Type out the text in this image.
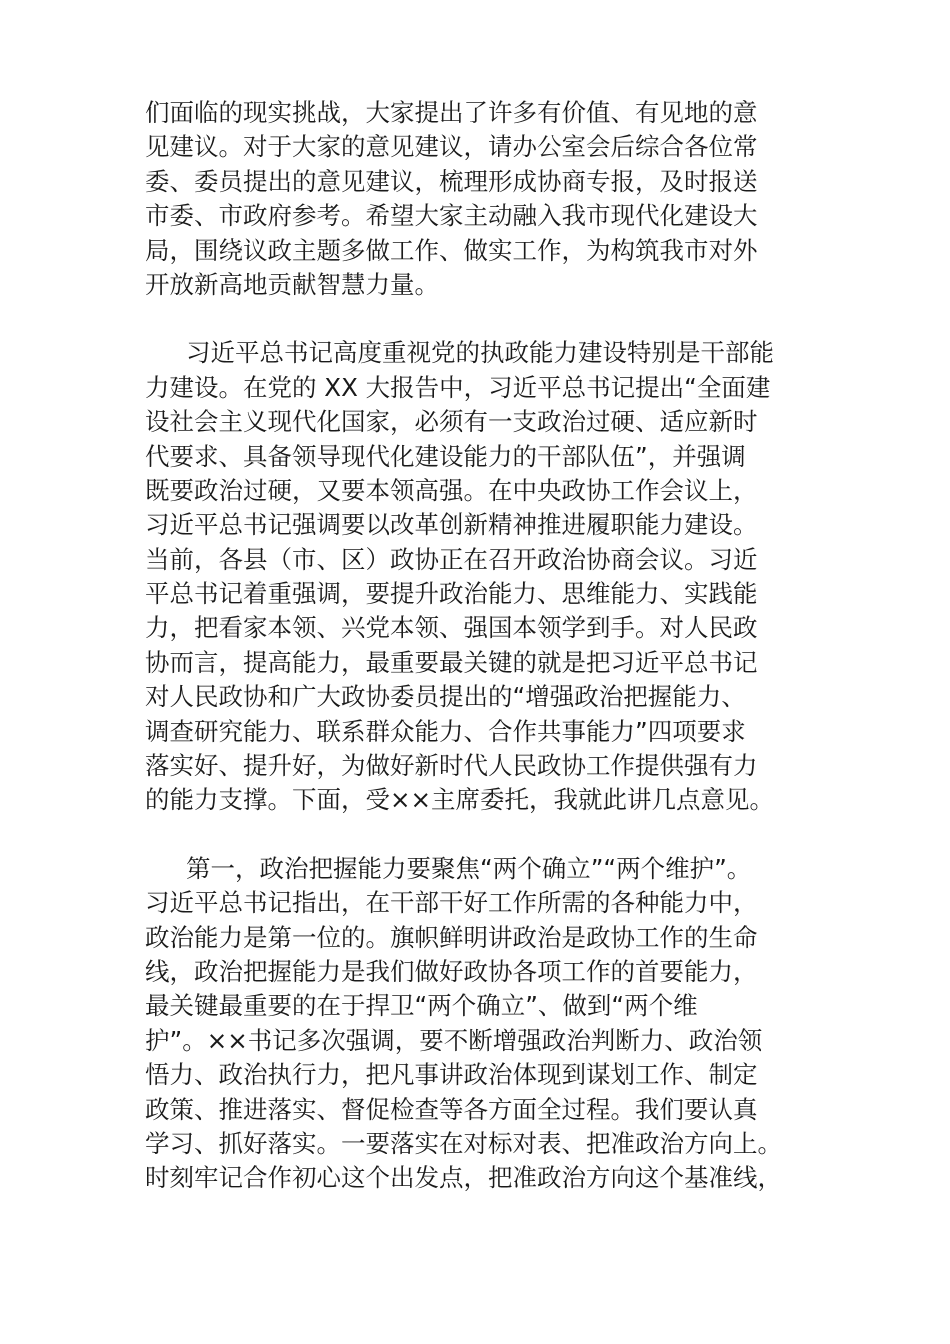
们面临的现实挑战，大家提出了许多有价值、有见地的意
见建议。对于大家的意见建议，请办公室会后综合各位常
委、委员提出的意见建议，梳理形成协商专报，及时报送
市委、市政府参考。希望大家主动融入我市现代化建设大
局，围绕议政主题多做工作、做实工作，为构筑我市对外
开放新高地贡献智慧力量。
习近平总书记高度重视党的执政能力建设特别是干部能
力建设。在党的 XX 大报告中，习近平总书记提出“全面建
设社会主义现代化国家，必须有一支政治过硬、适应新时
代要求、具备领导现代化建设能力的干部队伍”，并强调
既要政治过硬，又要本领高强。在中央政协工作会议上，
习近平总书记强调要以改革创新精神推进履职能力建设。
当前，各县（市、区）政协正在召开政治协商会议。习近
平总书记着重强调，要提升政治能力、思维能力、实践能
力，把看家本领、兴党本领、强国本领学到手。对人民政
协而言，提高能力，最重要最关键的就是把习近平总书记
对人民政协和广大政协委员提出的“增强政治把握能力、
调查研究能力、联系群众能力、合作共事能力”四项要求
落实好、提升好，为做好新时代人民政协工作提供强有力
的能力支撑。下面，受××主席委托，我就此讲几点意见。
第一，政治把握能力要聚焦“两个确立”“两个维护”。
习近平总书记指出，在干部干好工作所需的各种能力中，
政治能力是第一位的。旗帜鲜明讲政治是政协工作的生命
线，政治把握能力是我们做好政协各项工作的首要能力，
最关键最重要的在于捍卫“两个确立”、做到“两个维
护”。××书记多次强调，要不断增强政治判断力、政治领
悟力、政治执行力，把凡事讲政治体现到谋划工作、制定
政策、推进落实、督促检查等各方面全过程。我们要认真
学习、抓好落实。一要落实在对标对表、把准政治方向上。
时刻牢记合作初心这个出发点，把准政治方向这个基准线，
